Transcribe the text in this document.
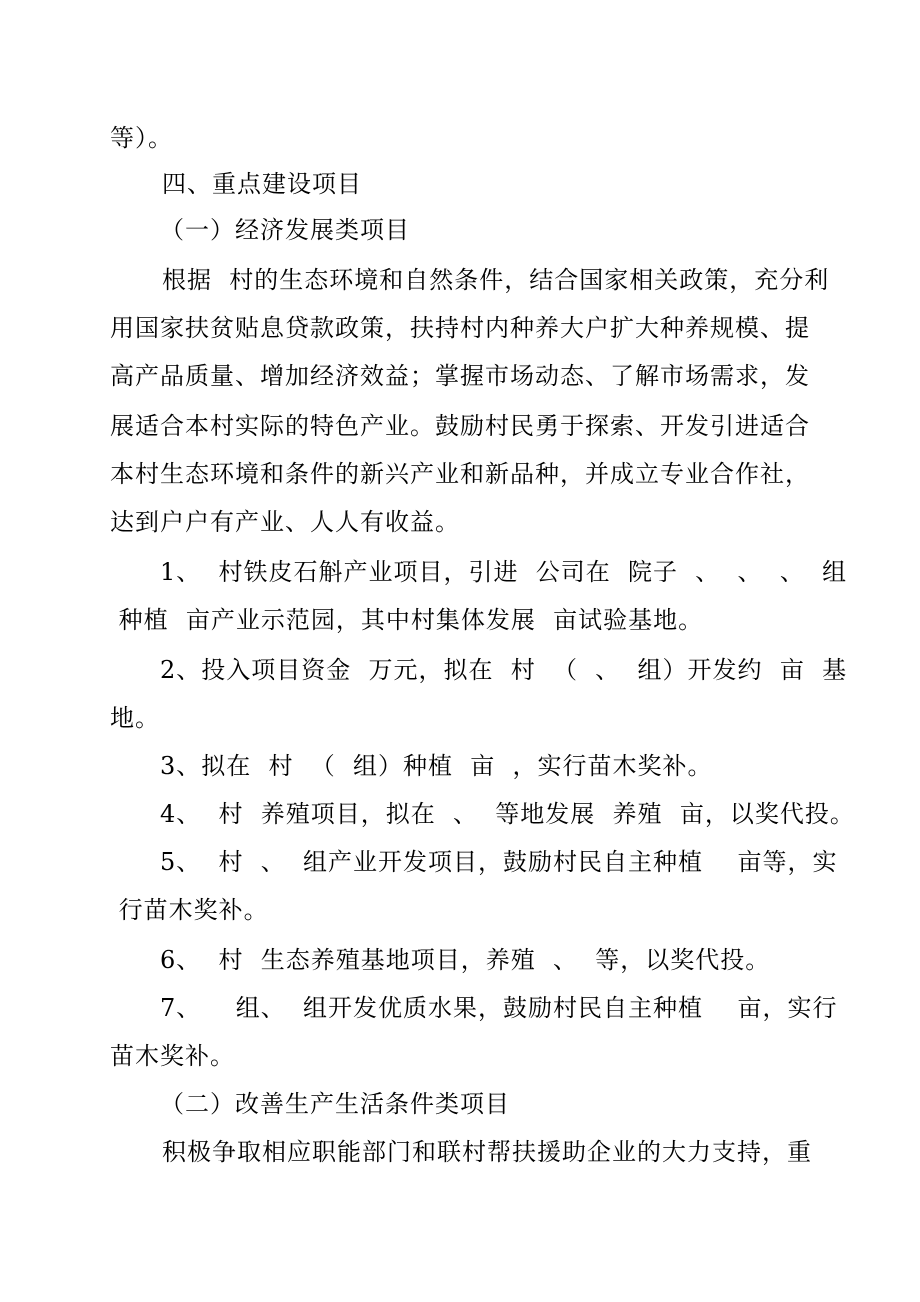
等）。
四、重点建设项目
（一）经济发展类项目
根据  村的生态环境和自然条件，结合国家相关政策，充分利
用国家扶贫贴息贷款政策，扶持村内种养大户扩大种养规模、提
高产品质量、增加经济效益；掌握市场动态、了解市场需求，发
展适合本村实际的特色产业。鼓励村民勇于探索、开发引进适合
本村生态环境和条件的新兴产业和新品种，并成立专业合作社，
达到户户有产业、人人有收益。
1、  村铁皮石斛产业项目，引进  公司在  院子  、  、  、  组
种植  亩产业示范园，其中村集体发展  亩试验基地。
2、投入项目资金  万元，拟在  村  （  、  组）开发约  亩  基
地。
3、拟在  村  （  组）种植  亩  ，实行苗木奖补。
4、  村  养殖项目，拟在  、  等地发展  养殖  亩，以奖代投。
5、  村  、  组产业开发项目，鼓励村民自主种植    亩等，实
行苗木奖补。
6、  村  生态养殖基地项目，养殖  、  等，以奖代投。
7、    组、  组开发优质水果，鼓励村民自主种植    亩，实行
苗木奖补。
（二）改善生产生活条件类项目
积极争取相应职能部门和联村帮扶援助企业的大力支持，重
